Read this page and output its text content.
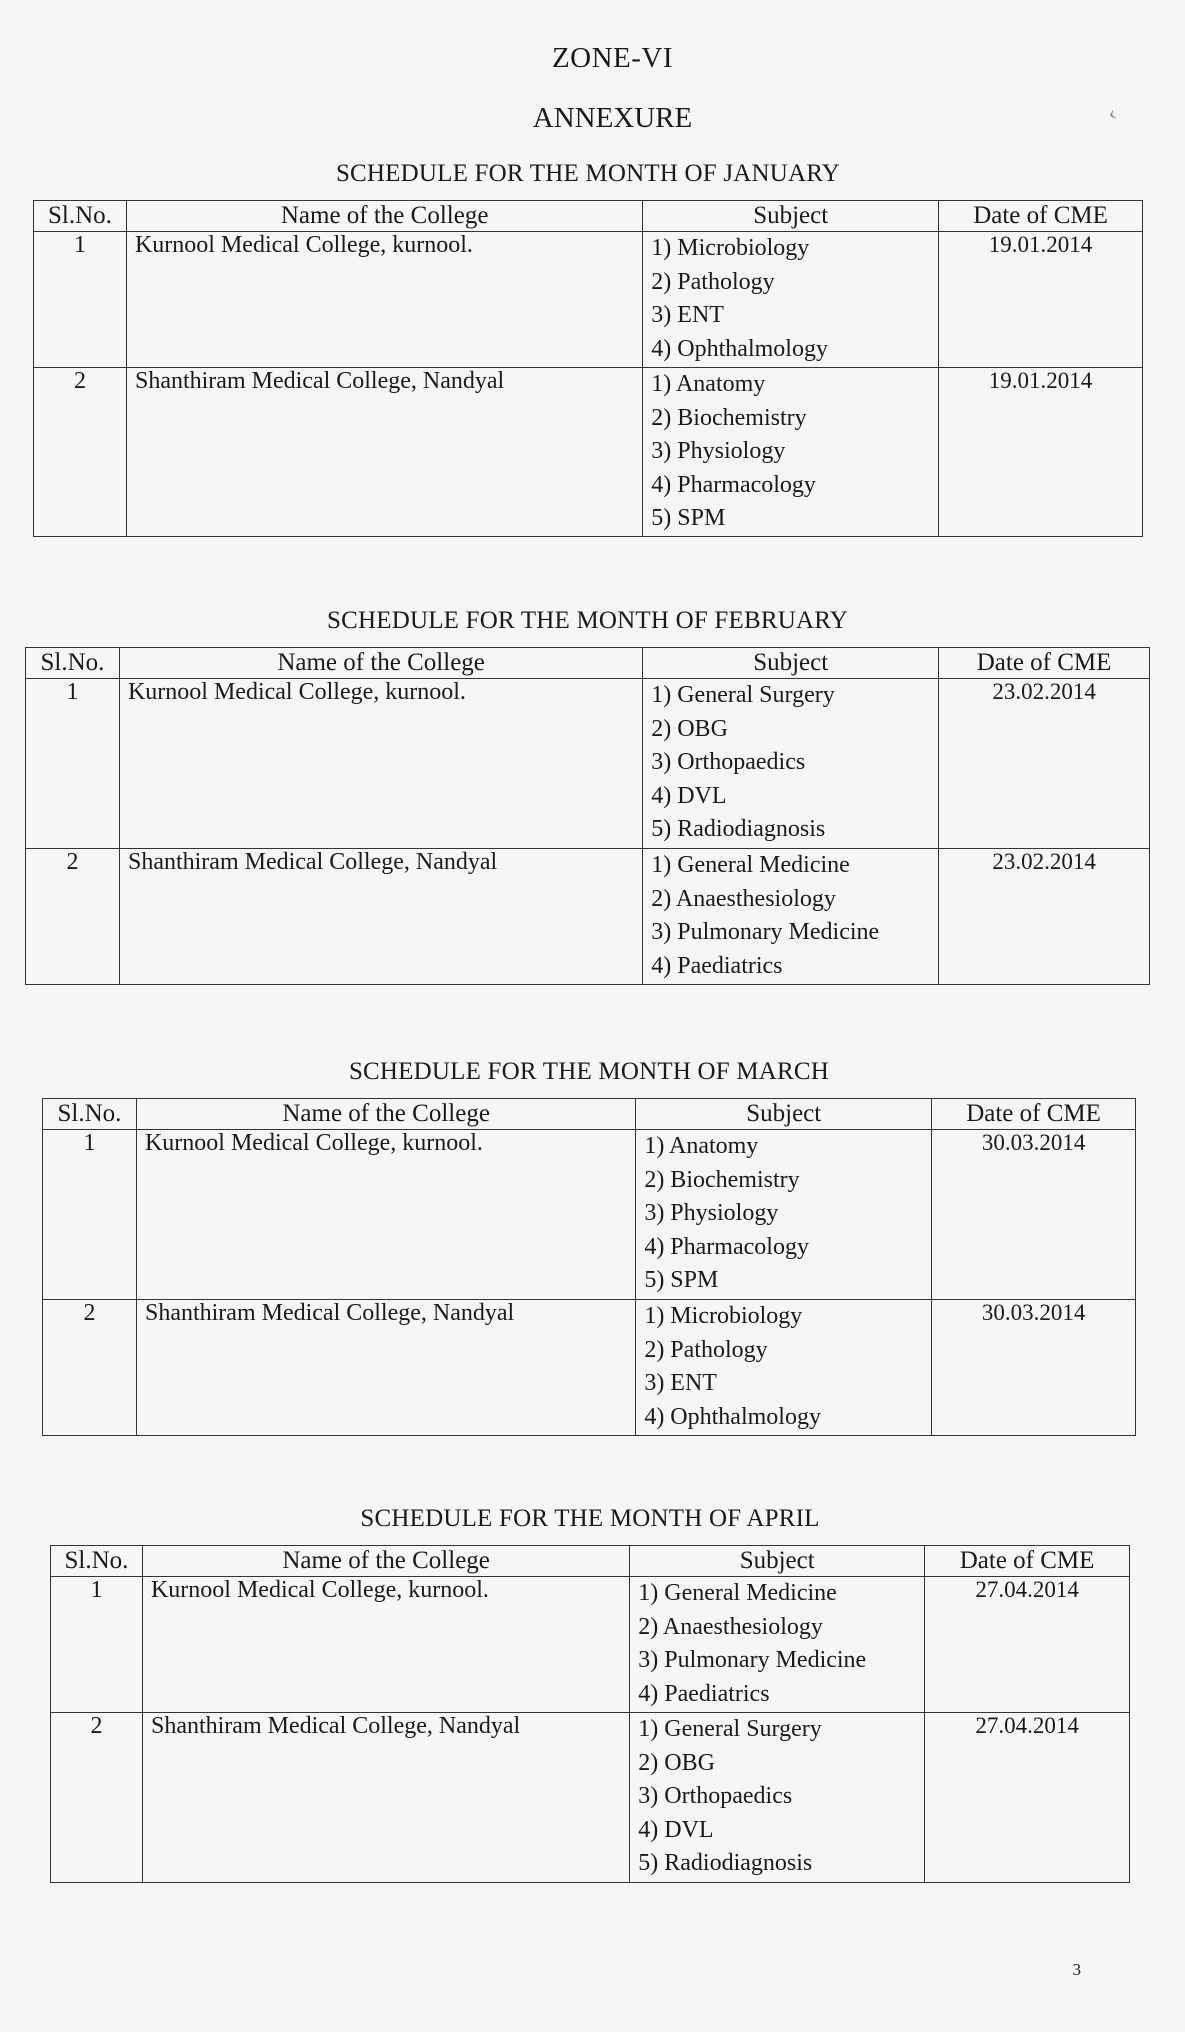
‹
ZONE-VI
ANNEXURE
SCHEDULE FOR THE MONTH OF JANUARY
Sl.No.	Name of the College	Subject	Date of CME
1	Kurnool Medical College, kurnool.	1) Microbiology
2) Pathology
3) ENT
4) Ophthalmology	19.01.2014
2	Shanthiram Medical College, Nandyal	1) Anatomy
2) Biochemistry
3) Physiology
4) Pharmacology
5) SPM	19.01.2014
SCHEDULE FOR THE MONTH OF FEBRUARY
Sl.No.	Name of the College	Subject	Date of CME
1	Kurnool Medical College, kurnool.	1) General Surgery
2) OBG
3) Orthopaedics
4) DVL
5) Radiodiagnosis	23.02.2014
2	Shanthiram Medical College, Nandyal	1) General Medicine
2) Anaesthesiology
3) Pulmonary Medicine
4) Paediatrics	23.02.2014
SCHEDULE FOR THE MONTH OF MARCH
Sl.No.	Name of the College	Subject	Date of CME
1	Kurnool Medical College, kurnool.	1) Anatomy
2) Biochemistry
3) Physiology
4) Pharmacology
5) SPM	30.03.2014
2	Shanthiram Medical College, Nandyal	1) Microbiology
2) Pathology
3) ENT
4) Ophthalmology	30.03.2014
SCHEDULE FOR THE MONTH OF APRIL
Sl.No.	Name of the College	Subject	Date of CME
1	Kurnool Medical College, kurnool.	1) General Medicine
2) Anaesthesiology
3) Pulmonary Medicine
4) Paediatrics	27.04.2014
2	Shanthiram Medical College, Nandyal	1) General Surgery
2) OBG
3) Orthopaedics
4) DVL
5) Radiodiagnosis	27.04.2014
3
